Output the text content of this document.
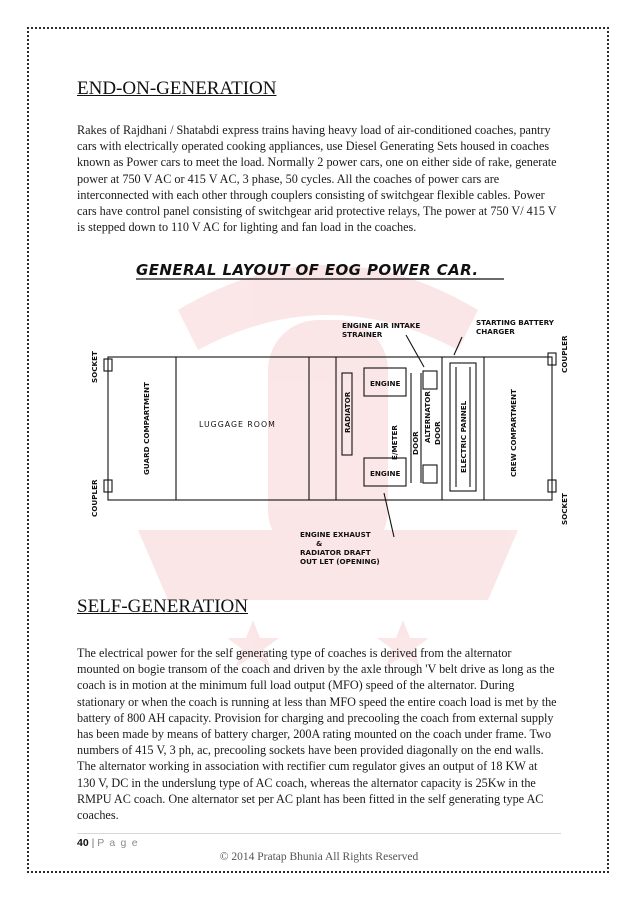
END-ON-GENERATION

Rakes of Rajdhani / Shatabdi express trains having heavy load of air-conditioned coaches, pantry cars with electrically operated cooking appliances, use Diesel Generating Sets housed in coaches known as Power cars to meet the load. Normally 2 power cars, one on either side of rake, generate power at 750 V AC or 415 V AC, 3 phase, 50 cycles. All the coaches of power cars are interconnected with each other through couplers consisting of switchgear flexible cables. Power cars have control panel consisting of switchgear arid protective relays, The power at 750 V/ 415 V is stepped down to 110 V AC for lighting and fan load in the coaches.

GENERAL LAYOUT OF EOG POWER CAR.
SOCKET
COUPLER
GUARD COMPARTMENT	LUGGAGE ROOM	RADIATOR
ENGINE
ENGINE
E/METER DOOR
ALTERNATOR DOOR ELECTRIC PANNEL	CREW COMPARTMENT
COUPLER
SOCKET
ENGINE AIR INTAKE
STRAINER
STARTING BATTERY
CHARGER
ENGINE EXHAUST
&
RADIATOR DRAFT
OUT LET (OPENING)
SELF-GENERATION

The electrical power for the self generating type of coaches is derived from the alternator mounted on bogie transom of the coach and driven by the axle through 'V belt drive as long as the coach is in motion at the minimum full load output (MFO) speed of the alternator. During stationary or when the coach is running at less than MFO speed the entire coach load is met by the battery of 800 AH capacity. Provision for charging and precooling the coach from external supply has been made by means of battery charger, 200A rating mounted on the coach under frame. Two numbers of 415 V, 3 ph, ac, precooling sockets have been provided diagonally on the end walls. The alternator working in association with rectifier cum regulator gives an output of 18 KW at 130 V, DC in the underslung type of AC coach, whereas the alternator capacity is 25Kw in the RMPU AC coach. One alternator set per AC plant has been fitted in the self generating type AC coaches.

40 | P a g e
© 2014 Pratap Bhunia All Rights Reserved
